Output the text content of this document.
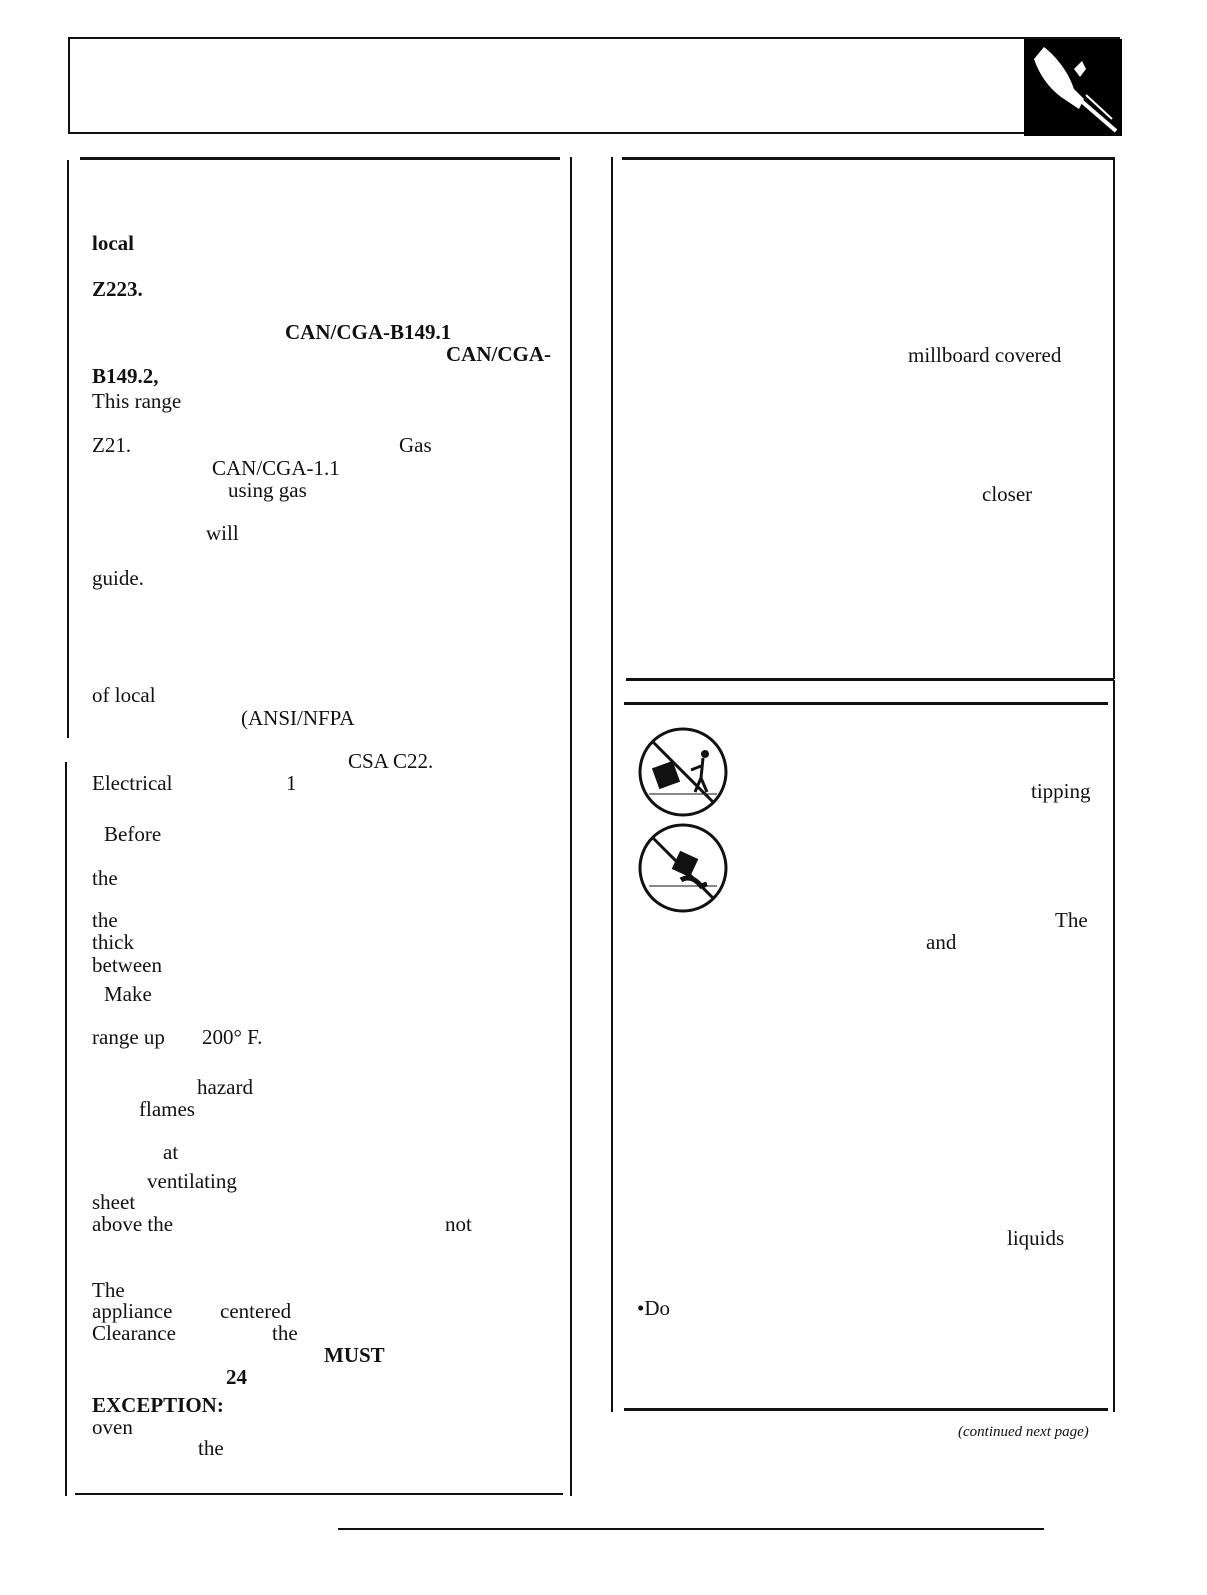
local
Z223.
CAN/CGA-B149.1
CAN/CGA-
B149.2,
This range
Z21.	Gas
CAN/CGA-1.1
using gas
will
guide.
of local
(ANSI/NFPA
CSA C22.
Electrical	1
Before
the
the
thick
between
Make
range up 200° F.
hazard
flames
at
ventilating
sheet
above the	not
The
appliance centered
Clearance	the
MUST
24
EXCEPTION:
oven
the
millboard covered
closer
tipping
The
and
liquids
•Do
(continued next page)
